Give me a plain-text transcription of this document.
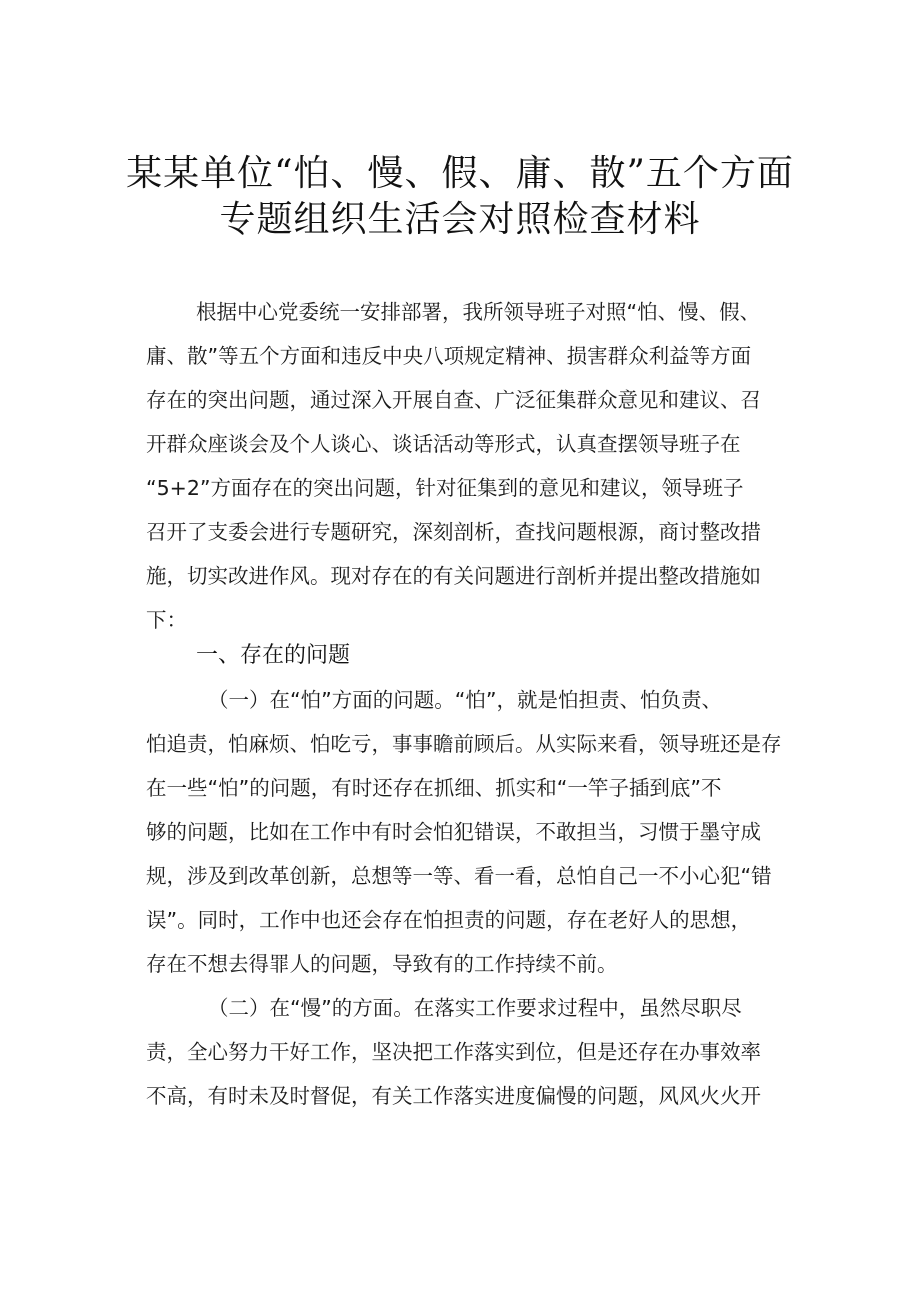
某某单位“怕、慢、假、庸、散”五个方面
专题组织生活会对照检查材料
根据中心党委统一安排部署，我所领导班子对照“怕、慢、假、
庸、散”等五个方面和违反中央八项规定精神、损害群众利益等方面
存在的突出问题，通过深入开展自查、广泛征集群众意见和建议、召
开群众座谈会及个人谈心、谈话活动等形式，认真查摆领导班子在
“5+2”方面存在的突出问题，针对征集到的意见和建议，领导班子
召开了支委会进行专题研究，深刻剖析，查找问题根源，商讨整改措
施，切实改进作风。现对存在的有关问题进行剖析并提出整改措施如
下：
一、存在的问题
（一）在“怕”方面的问题。“怕”，就是怕担责、怕负责、
怕追责，怕麻烦、怕吃亏，事事瞻前顾后。从实际来看，领导班还是存
在一些“怕”的问题，有时还存在抓细、抓实和“一竿子插到底”不
够的问题，比如在工作中有时会怕犯错误，不敢担当，习惯于墨守成
规，涉及到改革创新，总想等一等、看一看，总怕自己一不小心犯“错
误”。同时，工作中也还会存在怕担责的问题，存在老好人的思想，
存在不想去得罪人的问题，导致有的工作持续不前。
（二）在“慢”的方面。在落实工作要求过程中，虽然尽职尽
责，全心努力干好工作，坚决把工作落实到位，但是还存在办事效率
不高，有时未及时督促，有关工作落实进度偏慢的问题，风风火火开
